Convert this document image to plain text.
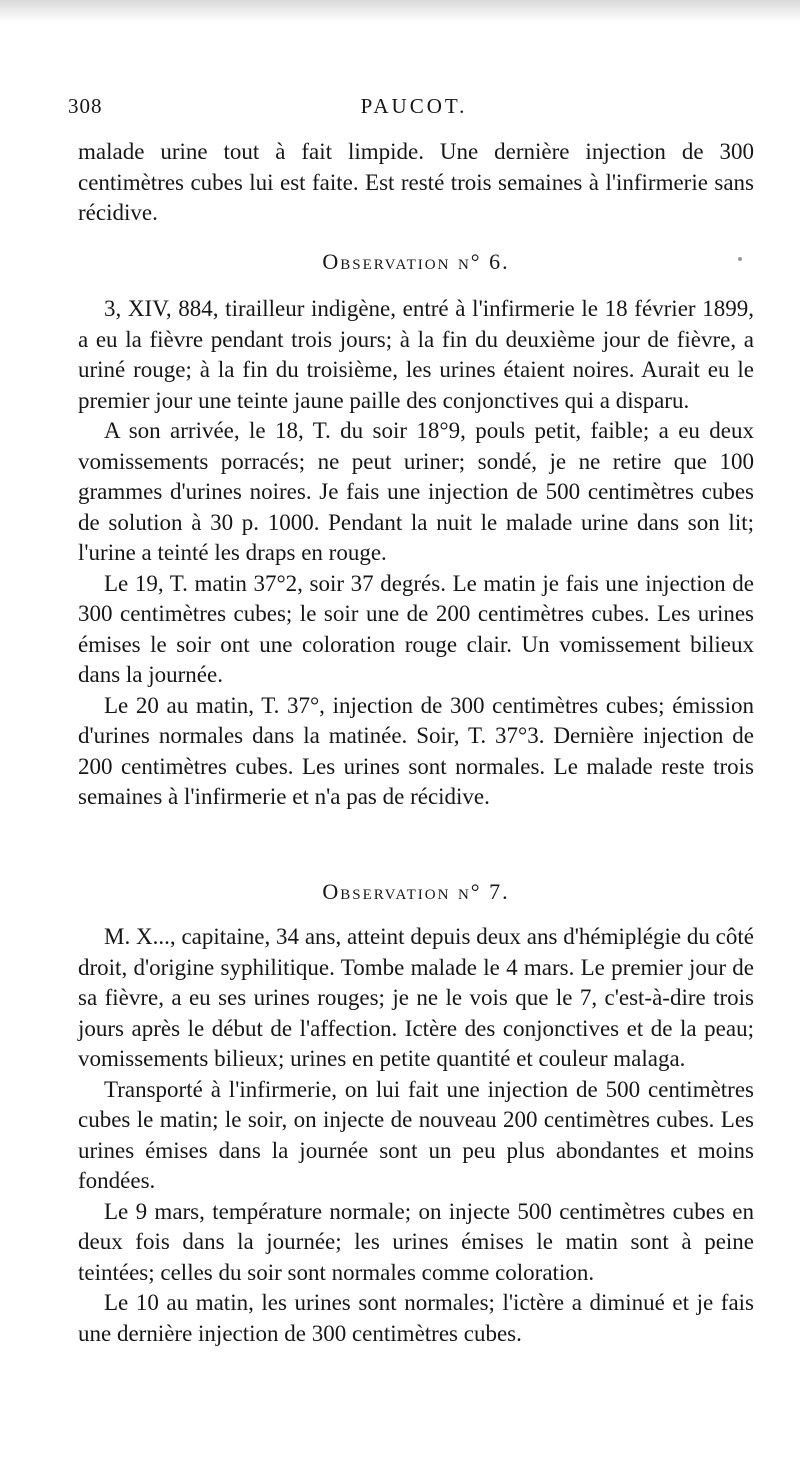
308	PAUCOT.

malade urine tout à fait limpide. Une dernière injection de 300 centimètres cubes lui est faite. Est resté trois semaines à l'infirmerie sans récidive.

Observation n° 6.

3, XIV, 884, tirailleur indigène, entré à l'infirmerie le 18 février 1899, a eu la fièvre pendant trois jours; à la fin du deuxième jour de fièvre, a uriné rouge; à la fin du troisième, les urines étaient noires. Aurait eu le premier jour une teinte jaune paille des conjonctives qui a disparu.

A son arrivée, le 18, T. du soir 18°9, pouls petit, faible; a eu deux vomissements porracés; ne peut uriner; sondé, je ne retire que 100 grammes d'urines noires. Je fais une injection de 500 centimètres cubes de solution à 30 p. 1000. Pendant la nuit le malade urine dans son lit; l'urine a teinté les draps en rouge.

Le 19, T. matin 37°2, soir 37 degrés. Le matin je fais une injection de 300 centimètres cubes; le soir une de 200 centimètres cubes. Les urines émises le soir ont une coloration rouge clair. Un vomissement bilieux dans la journée.

Le 20 au matin, T. 37°, injection de 300 centimètres cubes; émission d'urines normales dans la matinée. Soir, T. 37°3. Dernière injection de 200 centimètres cubes. Les urines sont normales. Le malade reste trois semaines à l'infirmerie et n'a pas de récidive.

Observation n° 7.

M. X..., capitaine, 34 ans, atteint depuis deux ans d'hémiplégie du côté droit, d'origine syphilitique. Tombe malade le 4 mars. Le premier jour de sa fièvre, a eu ses urines rouges; je ne le vois que le 7, c'est-à-dire trois jours après le début de l'affection. Ictère des conjonctives et de la peau; vomissements bilieux; urines en petite quantité et couleur malaga.

Transporté à l'infirmerie, on lui fait une injection de 500 centimètres cubes le matin; le soir, on injecte de nouveau 200 centimètres cubes. Les urines émises dans la journée sont un peu plus abondantes et moins fondées.

Le 9 mars, température normale; on injecte 500 centimètres cubes en deux fois dans la journée; les urines émises le matin sont à peine teintées; celles du soir sont normales comme coloration.

Le 10 au matin, les urines sont normales; l'ictère a diminué et je fais une dernière injection de 300 centimètres cubes.
